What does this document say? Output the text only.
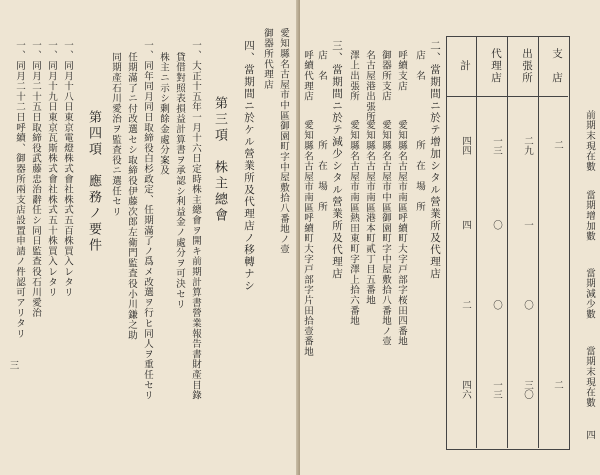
愛知縣名古屋市中區御園町字中屋敷拾八番地ノ壹
御器所代理店
四、當期間ニ於ケル營業所及代理店ノ移轉ナシ
第三項　株主總會
一、大正十五年一月十六日定時株主總會ヲ開キ前期計算書營業報告書財產目錄
貸借對照表損益計算書ヲ承認シ利益金ノ處分ヲ可決セリ
株主ニ示シ剰餘金處分案及
一、同年同月同日取締役白杉政定、任期滿了ノ爲メ改選ヲ行ヒ同人ヲ重任セリ
任期滿了ニ付改選セシ取締役伊藤次郎左衛門監査役小川鎌之助
同期產石川愛治ヲ監査役ニ選任セリ
第四項　應務ノ要件
一、同月十八日東京電燈株式會社株式五百株買入レタリ
一、同月十九日東京瓦斯株式會社株式五十株買入レタリ
一、同月二十五日取締役武藤忠治辭任シ同日監查役石川愛治
一、同月二十二日呼續、御器所兩支店設置申請ノ件認可アリタリ
三
支　店
出張所
代理店
計
前期末現在數
當期增加數
當期減少數
當期末現在數
二
二
二九
一
〇
三〇
一三
〇
〇
一三
四四
四
二
四六
二、當期間ニ於テ增加シタル營業所及代理店
店　名
所　在　場　所
呼續支店
愛知縣名古屋市南區呼續町大字戸部字桜田四番地
御器所支店
愛知縣名古屋市中區御園町字中屋敷拾八番地ノ壹
名古屋港出張所
愛知縣名古屋市南區港本町貳丁目五番地
澤上出張所
愛知縣名古屋市南區熱田東町字澤上拾六番地
三、當期間ニ於テ減少シタル營業所及代理店
店　名
所　在　場　所
呼續代理店
愛知縣名古屋市南區呼續町大字戸部字片田拾壹番地
四
